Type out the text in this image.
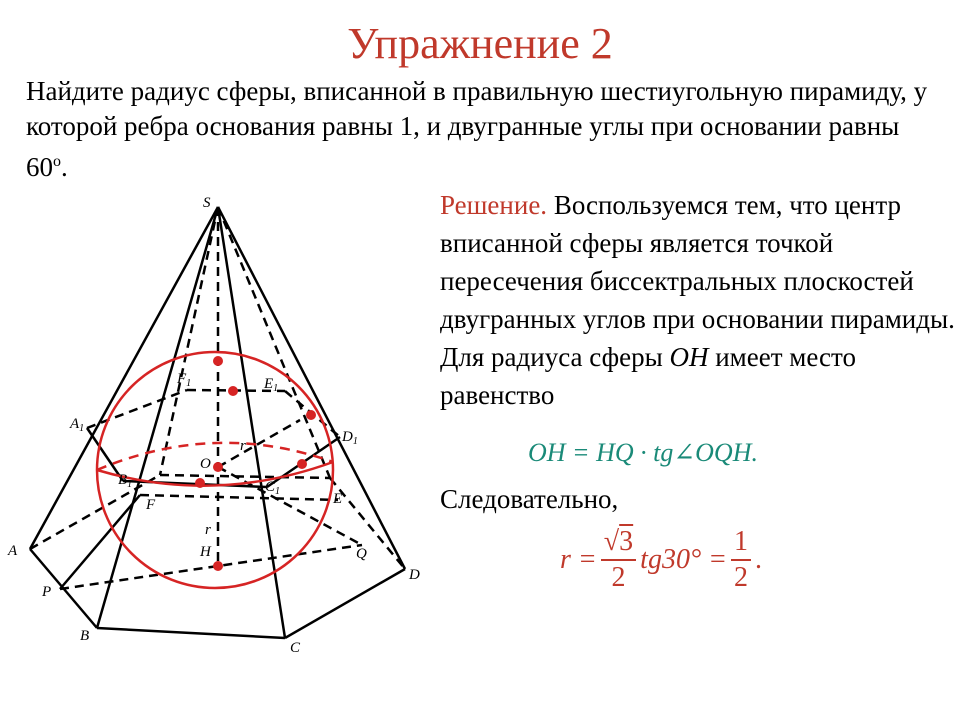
Упражнение 2
Найдите радиус сферы, вписанной в правильную шестиугольную пирамиду, у которой ребра основания равны 1, и двугранные углы при основании равны $60^о$.
S
A
B
C
D
E
F
$A_1$
$B_1$	$C_1$
$D_1$
$E_1$
$F_1$
O
H
P
Q
r
r
Решение. Воспользуемся тем, что центр вписанной сферы является точкой пересечения биссектральных плоскостей двугранных углов при основании пирамиды. Для радиуса сферы OH имеет место равенство
OH = HQ · tg∠OQH.
Следовательно,
$r = \frac{√3}{2} tg30^\circ = \frac{1}{2}$ .
